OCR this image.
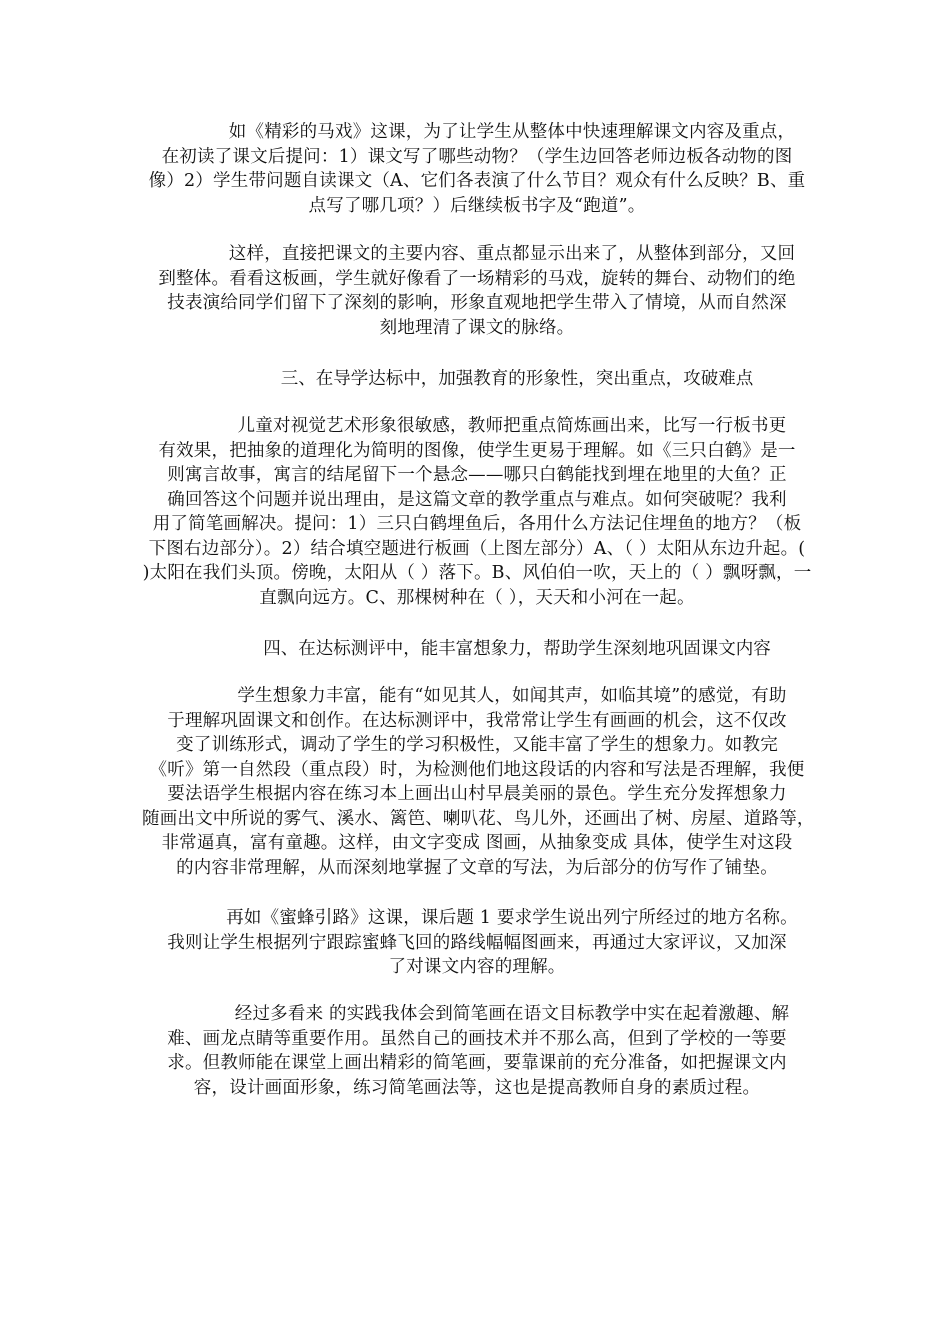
如《精彩的马戏》这课，为了让学生从整体中快速理解课文内容及重点，
在初读了课文后提问：1）课文写了哪些动物？（学生边回答老师边板各动物的图
像）2）学生带问题自读课文（A、它们各表演了什么节目？观众有什么反映？B、重
点写了哪几项？）后继续板书字及“跑道”。
这样，直接把课文的主要内容、重点都显示出来了，从整体到部分，又回
到整体。看看这板画，学生就好像看了一场精彩的马戏，旋转的舞台、动物们的绝
技表演给同学们留下了深刻的影响，形象直观地把学生带入了情境，从而自然深
刻地理清了课文的脉络。
三、在导学达标中，加强教育的形象性，突出重点，攻破难点
儿童对视觉艺术形象很敏感，教师把重点简炼画出来，比写一行板书更
有效果，把抽象的道理化为简明的图像，使学生更易于理解。如《三只白鹤》是一
则寓言故事，寓言的结尾留下一个悬念——哪只白鹤能找到埋在地里的大鱼？正
确回答这个问题并说出理由，是这篇文章的教学重点与难点。如何突破呢？我利
用了简笔画解决。提问：1）三只白鹤埋鱼后，各用什么方法记住埋鱼的地方？（板
下图右边部分）。2）结合填空题进行板画（上图左部分）A、（ ）太阳从东边升起。(
)太阳在我们头顶。傍晚，太阳从（ ）落下。B、风伯伯一吹，天上的（ ）飘呀飘，一
直飘向远方。C、那棵树种在（ ），天天和小河在一起。
四、在达标测评中，能丰富想象力，帮助学生深刻地巩固课文内容
学生想象力丰富，能有“如见其人，如闻其声，如临其境”的感觉，有助
于理解巩固课文和创作。在达标测评中，我常常让学生有画画的机会，这不仅改
变了训练形式，调动了学生的学习积极性，又能丰富了学生的想象力。如教完
《听》第一自然段（重点段）时，为检测他们地这段话的内容和写法是否理解，我便
要法语学生根据内容在练习本上画出山村早晨美丽的景色。学生充分发挥想象力
随画出文中所说的雾气、溪水、篱笆、喇叭花、鸟儿外，还画出了树、房屋、道路等，
非常逼真，富有童趣。这样，由文字变成 图画，从抽象变成 具体，使学生对这段
的内容非常理解，从而深刻地掌握了文章的写法，为后部分的仿写作了铺垫。
再如《蜜蜂引路》这课，课后题 1 要求学生说出列宁所经过的地方名称。
我则让学生根据列宁跟踪蜜蜂飞回的路线幅幅图画来，再通过大家评议，又加深
了对课文内容的理解。
经过多看来 的实践我体会到简笔画在语文目标教学中实在起着激趣、解
难、画龙点睛等重要作用。虽然自己的画技术并不那么高，但到了学校的一等要
求。但教师能在课堂上画出精彩的简笔画，要靠课前的充分准备，如把握课文内
容，设计画面形象，练习简笔画法等，这也是提高教师自身的素质过程。
